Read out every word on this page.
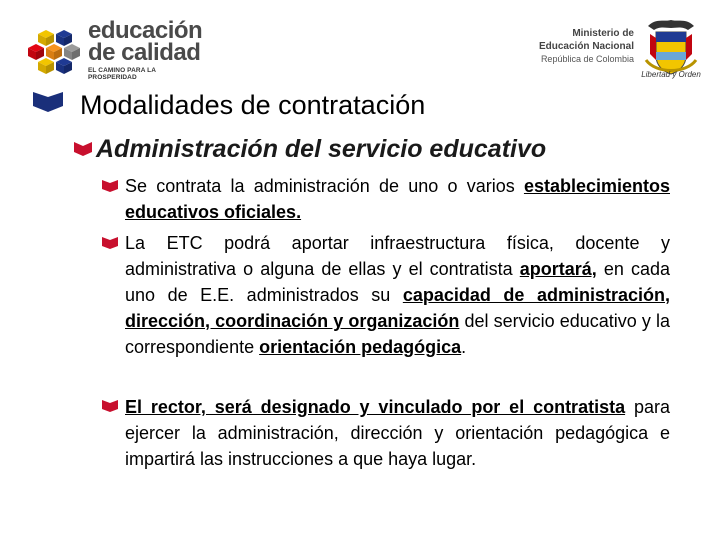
educación
de calidad
EL CAMINO PARA LA PROSPERIDAD
Ministerio de
Educación Nacional
República de Colombia
Libertad y Orden
Modalidades de contratación
Administración del servicio educativo
Se contrata la administración de uno o varios establecimientos educativos oficiales.
La ETC podrá aportar infraestructura física, docente y administrativa o alguna de ellas y el contratista aportará, en cada uno de E.E. administrados su capacidad de administración, dirección, coordinación y organización del servicio educativo y la correspondiente orientación pedagógica.
El rector, será designado y vinculado por el contratista para ejercer la administración, dirección y orientación pedagógica e impartirá las instrucciones a que haya lugar.
